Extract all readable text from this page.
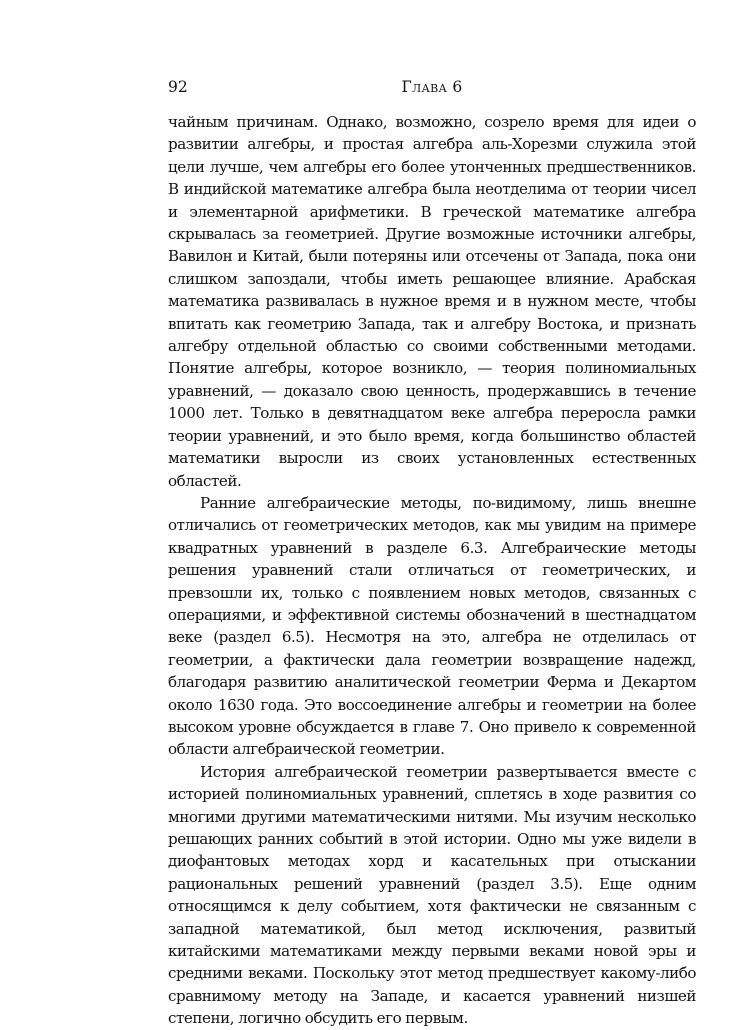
92	Глава 6

чайным причинам. Однако, возможно, созрело время для идеи о развитии алгебры, и простая алгебра аль-Хорезми служила этой цели лучше, чем алгебры его более утонченных предшественников. В индийской математике алгебра была неотделима от теории чисел и элементарной арифметики. В греческой математике алгебра скрывалась за геометрией. Другие возможные источники алгебры, Вавилон и Китай, были потеряны или отсечены от Запада, пока они слишком запоздали, чтобы иметь решающее влияние. Арабская математика развивалась в нужное время и в нужном месте, чтобы впитать как геометрию Запада, так и алгебру Востока, и признать алгебру отдельной областью со своими собственными методами. Понятие алгебры, которое возникло, — теория полиномиальных уравнений, — доказало свою ценность, продержавшись в течение 1000 лет. Только в девятнадцатом веке алгебра переросла рамки теории уравнений, и это было время, когда большинство областей математики выросли из своих установленных естественных областей.

Ранние алгебраические методы, по-видимому, лишь внешне отличались от геометрических методов, как мы увидим на примере квадратных уравнений в разделе 6.3. Алгебраические методы решения уравнений стали отличаться от геометрических, и превзошли их, только с появлением новых методов, связанных с операциями, и эффективной системы обозначений в шестнадцатом веке (раздел 6.5). Несмотря на это, алгебра не отделилась от геометрии, а фактически дала геометрии возвращение надежд, благодаря развитию аналитической геометрии Ферма и Декартом около 1630 года. Это воссоединение алгебры и геометрии на более высоком уровне обсуждается в главе 7. Оно привело к современной области алгебраической геометрии.

История алгебраической геометрии развертывается вместе с историей полиномиальных уравнений, сплетясь в ходе развития со многими другими математическими нитями. Мы изучим несколько решающих ранних событий в этой истории. Одно мы уже видели в диофантовых методах хорд и касательных при отыскании рациональных решений уравнений (раздел 3.5). Еще одним относящимся к делу событием, хотя фактически не связанным с западной математикой, был метод исключения, развитый китайскими математиками между первыми веками новой эры и средними веками. Поскольку этот метод предшествует какому-либо сравнимому методу на Западе, и касается уравнений низшей степени, логично обсудить его первым.
